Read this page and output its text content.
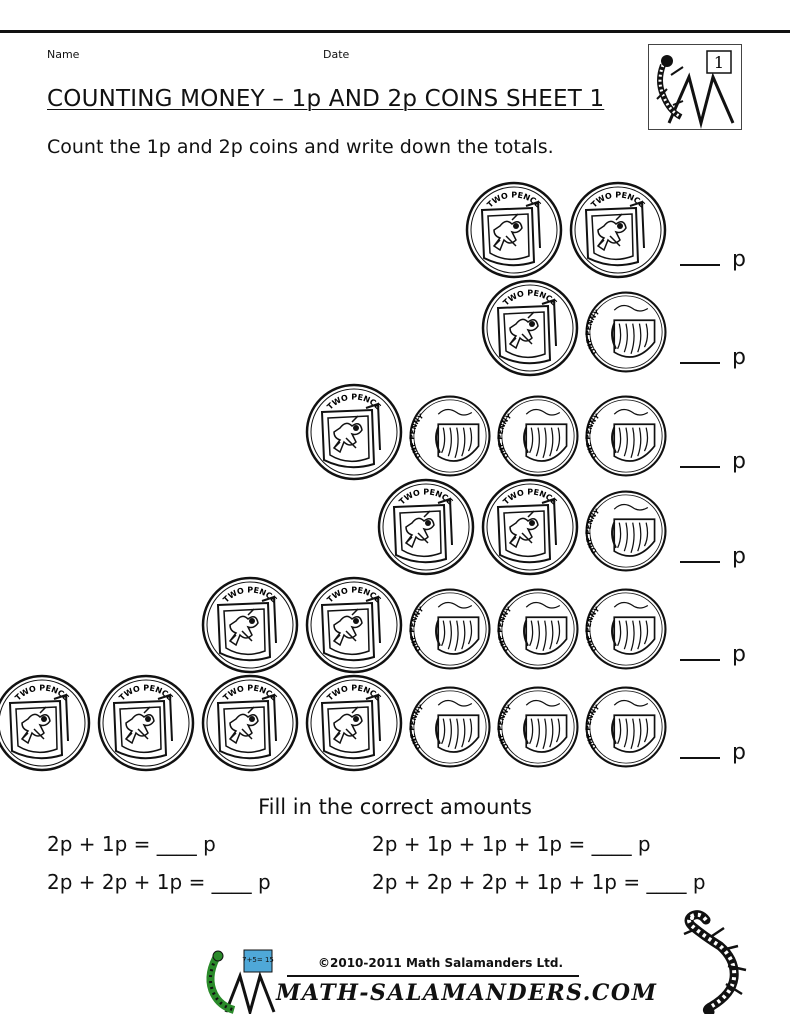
Name	Date	1
COUNTING MONEY – 1p AND 2p COINS SHEET 1
Count the 1p and 2p coins and write down the totals.
p
p
p
p
p
p
Fill in the correct amounts
2p + 1p = ____ p	2p + 1p + 1p + 1p = ____ p
2p + 2p + 1p = ____ p	2p + 2p + 2p + 1p + 1p = ____ p
7+5= 15	©2010-2011 Math Salamanders Ltd.
MATH-SALAMANDERS.COM
